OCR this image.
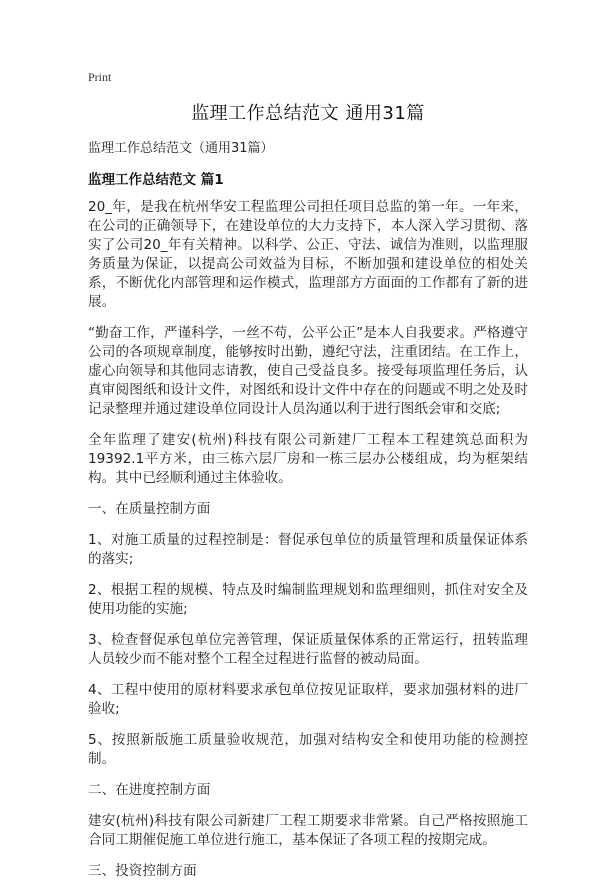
Print
监理工作总结范文 通用31篇
监理工作总结范文（通用31篇）
监理工作总结范文 篇1

20_年，是我在杭州华安工程监理公司担任项目总监的第一年。一年来，在公司的正确领导下，在建设单位的大力支持下，本人深入学习贯彻、落实了公司20_年有关精神。以科学、公正、守法、诚信为准则，以监理服务质量为保证，以提高公司效益为目标，不断加强和建设单位的相处关系，不断优化内部管理和运作模式，监理部方方面面的工作都有了新的进展。

“勤奋工作，严谨科学，一丝不苟，公平公正”是本人自我要求。严格遵守公司的各项规章制度，能够按时出勤，遵纪守法，注重团结。在工作上，虚心向领导和其他同志请教，使自己受益良多。接受每项监理任务后，认真审阅图纸和设计文件，对图纸和设计文件中存在的问题或不明之处及时记录整理并通过建设单位同设计人员沟通以利于进行图纸会审和交底;

全年监理了建安(杭州)科技有限公司新建厂工程本工程建筑总面积为19392.1平方米，由三栋六层厂房和一栋三层办公楼组成，均为框架结构。其中已经顺利通过主体验收。

一、在质量控制方面

1、对施工质量的过程控制是：督促承包单位的质量管理和质量保证体系的落实;

2、根据工程的规模、特点及时编制监理规划和监理细则，抓住对安全及使用功能的实施;

3、检查督促承包单位完善管理，保证质量保体系的正常运行，扭转监理人员较少而不能对整个工程全过程进行监督的被动局面。

4、工程中使用的原材料要求承包单位按见证取样，要求加强材料的进厂验收;

5、按照新版施工质量验收规范，加强对结构安全和使用功能的检测控制。

二、在进度控制方面

建安(杭州)科技有限公司新建厂工程工期要求非常紧。自己严格按照施工合同工期催促施工单位进行施工，基本保证了各项工程的按期完成。

三、投资控制方面
